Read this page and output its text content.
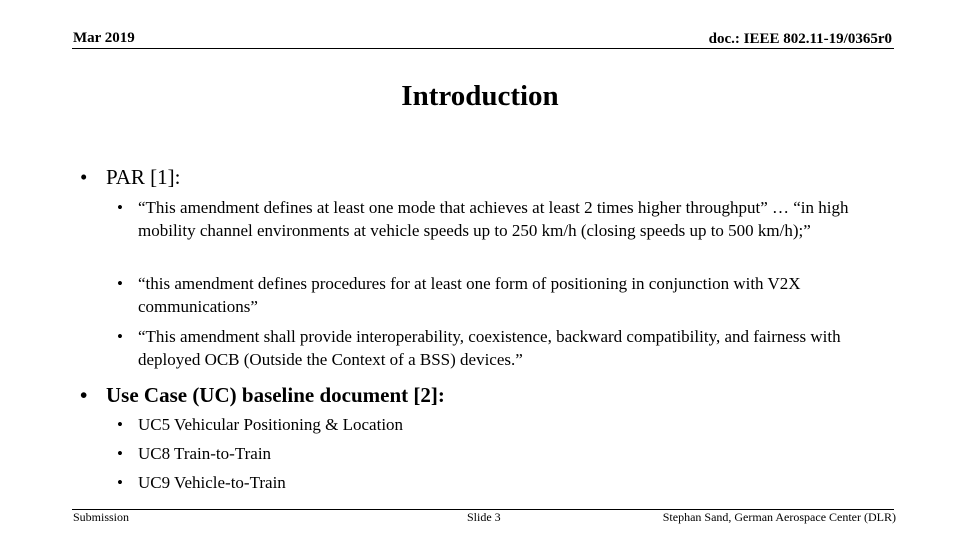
Mar 2019	doc.: IEEE 802.11-19/0365r0
Introduction
• PAR [1]:
• “This amendment defines at least one mode that achieves at least 2 times higher throughput” … “in high mobility channel environments at vehicle speeds up to 250 km/h (closing speeds up to 500 km/h);”
• “this amendment defines procedures for at least one form of positioning in conjunction with V2X communications”
• “This amendment shall provide interoperability, coexistence, backward compatibility, and fairness with deployed OCB (Outside the Context of a BSS) devices.”
• Use Case (UC) baseline document [2]:
• UC5 Vehicular Positioning & Location
• UC8 Train-to-Train
• UC9 Vehicle-to-Train
Submission	Slide 3	Stephan Sand, German Aerospace Center (DLR)
